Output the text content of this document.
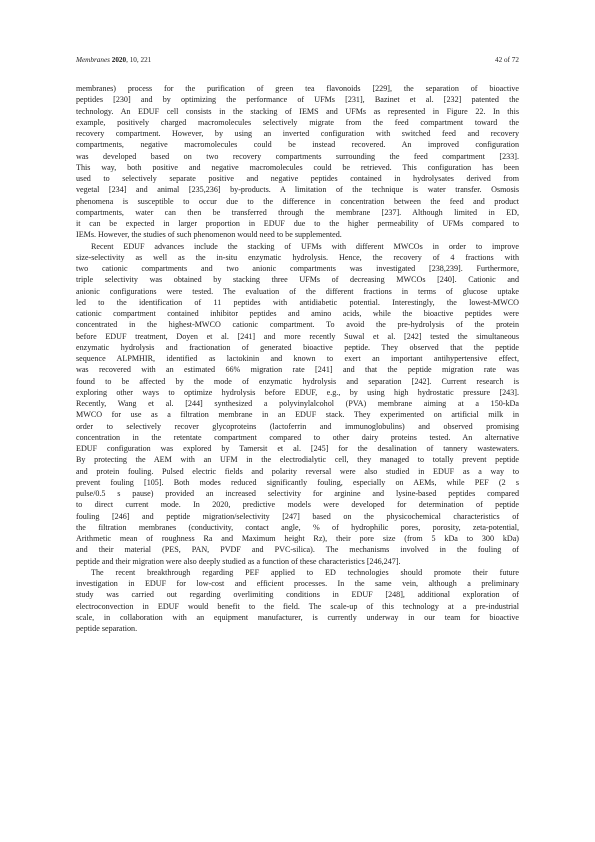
Membranes 2020, 10, 221	42 of 72
membranes) process for the purification of green tea flavonoids [229], the separation of bioactive
peptides [230] and by optimizing the performance of UFMs [231], Bazinet et al. [232] patented the
technology. An EDUF cell consists in the stacking of IEMS and UFMs as represented in Figure 22. In this
example, positively charged macromolecules selectively migrate from the feed compartment toward the
recovery compartment. However, by using an inverted configuration with switched feed and recovery
compartments, negative macromolecules could be instead recovered. An improved configuration
was developed based on two recovery compartments surrounding the feed compartment [233].
This way, both positive and negative macromolecules could be retrieved. This configuration has been
used to selectively separate positive and negative peptides contained in hydrolysates derived from
vegetal [234] and animal [235,236] by-products. A limitation of the technique is water transfer. Osmosis
phenomena is susceptible to occur due to the difference in concentration between the feed and product
compartments, water can then be transferred through the membrane [237]. Although limited in ED,
it can be expected in larger proportion in EDUF due to the higher permeability of UFMs compared to
IEMs. However, the studies of such phenomenon would need to be supplemented.
Recent EDUF advances include the stacking of UFMs with different MWCOs in order to improve
size-selectivity as well as the in-situ enzymatic hydrolysis. Hence, the recovery of 4 fractions with
two cationic compartments and two anionic compartments was investigated [238,239]. Furthermore,
triple selectivity was obtained by stacking three UFMs of decreasing MWCOs [240]. Cationic and
anionic configurations were tested. The evaluation of the different fractions in terms of glucose uptake
led to the identification of 11 peptides with antidiabetic potential. Interestingly, the lowest-MWCO
cationic compartment contained inhibitor peptides and amino acids, while the bioactive peptides were
concentrated in the highest-MWCO cationic compartment. To avoid the pre-hydrolysis of the protein
before EDUF treatment, Doyen et al. [241] and more recently Suwal et al. [242] tested the simultaneous
enzymatic hydrolysis and fractionation of generated bioactive peptide. They observed that the peptide
sequence ALPMHIR, identified as lactokinin and known to exert an important antihypertensive effect,
was recovered with an estimated 66% migration rate [241] and that the peptide migration rate was
found to be affected by the mode of enzymatic hydrolysis and separation [242]. Current research is
exploring other ways to optimize hydrolysis before EDUF, e.g., by using high hydrostatic pressure [243].
Recently, Wang et al. [244] synthesized a polyvinylalcohol (PVA) membrane aiming at a 150-kDa
MWCO for use as a filtration membrane in an EDUF stack. They experimented on artificial milk in
order to selectively recover glycoproteins (lactoferrin and immunoglobulins) and observed promising
concentration in the retentate compartment compared to other dairy proteins tested. An alternative
EDUF configuration was explored by Tamersit et al. [245] for the desalination of tannery wastewaters.
By protecting the AEM with an UFM in the electrodialytic cell, they managed to totally prevent peptide
and protein fouling. Pulsed electric fields and polarity reversal were also studied in EDUF as a way to
prevent fouling [105]. Both modes reduced significantly fouling, especially on AEMs, while PEF (2 s
pulse/0.5 s pause) provided an increased selectivity for arginine and lysine-based peptides compared
to direct current mode. In 2020, predictive models were developed for determination of peptide
fouling [246] and peptide migration/selectivity [247] based on the physicochemical characteristics of
the filtration membranes (conductivity, contact angle, % of hydrophilic pores, porosity, zeta-potential,
Arithmetic mean of roughness Ra and Maximum height Rz), their pore size (from 5 kDa to 300 kDa)
and their material (PES, PAN, PVDF and PVC-silica). The mechanisms involved in the fouling of
peptide and their migration were also deeply studied as a function of these characteristics [246,247].
The recent breakthrough regarding PEF applied to ED technologies should promote their future
investigation in EDUF for low-cost and efficient processes. In the same vein, although a preliminary
study was carried out regarding overlimiting conditions in EDUF [248], additional exploration of
electroconvection in EDUF would benefit to the field. The scale-up of this technology at a pre-industrial
scale, in collaboration with an equipment manufacturer, is currently underway in our team for bioactive
peptide separation.
